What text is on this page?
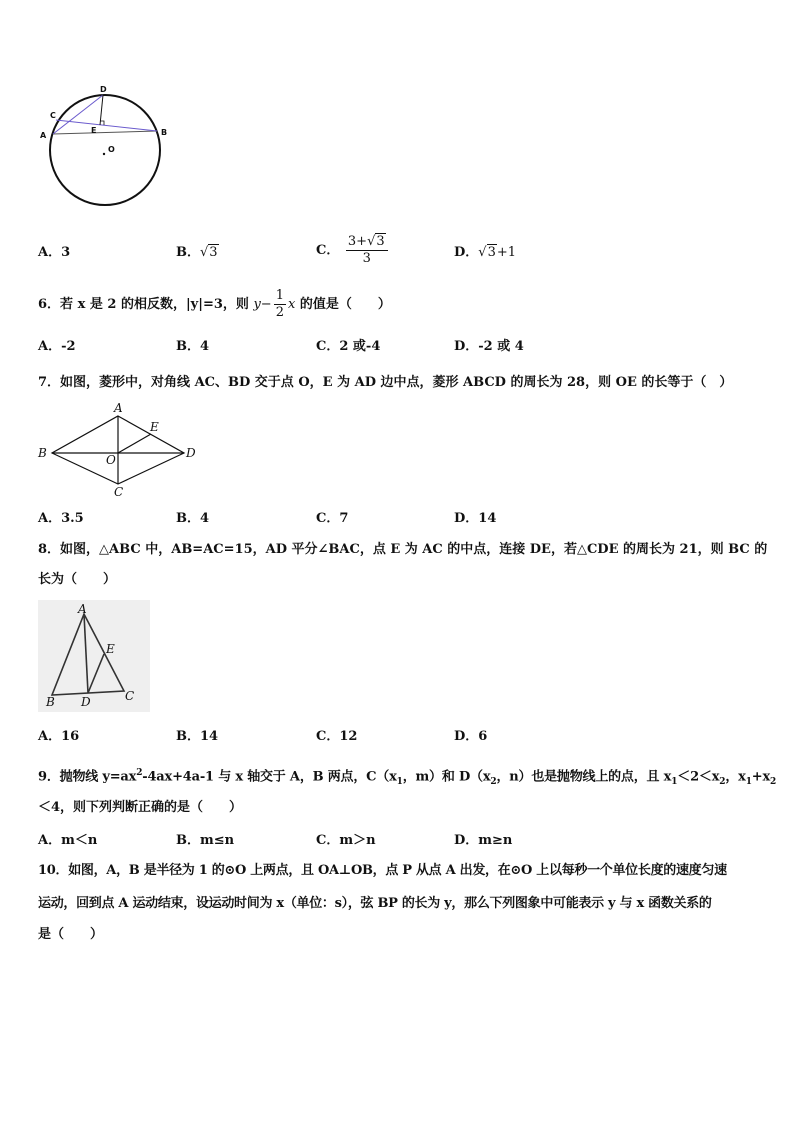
D
C
A
E	B
O
A．3	B．√3	C． $\frac{3+√3}{3}$	D．√3+1
6．若 x 是 2 的相反数，|y|=3，则 $y- \frac{1}{2}$ x 的值是（　　）
A．-2	B．4	C．2 或-4	D．-2 或 4
7．如图，菱形中，对角线 AC、BD 交于点 O，E 为 AD 边中点，菱形 ABCD 的周长为 28，则 OE 的长等于（　）
A
B	D
C
E
O
A．3.5	B．4	C．7	D．14
8．如图，△ABC 中，AB=AC=15，AD 平分∠BAC，点 E 为 AC 的中点，连接 DE，若△CDE 的周长为 21，则 BC 的
长为（　　）
A
B D	C
E
A．16	B．14	C．12	D．6
9．抛物线 $y=ax^2-4ax+4a-1$ 与 x 轴交于 A，B 两点，$C(x_1$，m）和 $D(x_2$，n）也是抛物线上的点，且 $x_1<2<x_2$，$x_1+x_2$
＜4，则下列判断正确的是（　　）
A．m＜n	B．m≤n	C．m＞n	D．m≥n
10．如图，A，B 是半径为 1 的⊙O 上两点，且 OA⊥OB，点 P 从点 A 出发，在⊙O 上以每秒一个单位长度的速度匀速
运动，回到点 A 运动结束，设运动时间为 x（单位：s），弦 BP 的长为 y，那么下列图象中可能表示 y 与 x 函数关系的
是（　　）
